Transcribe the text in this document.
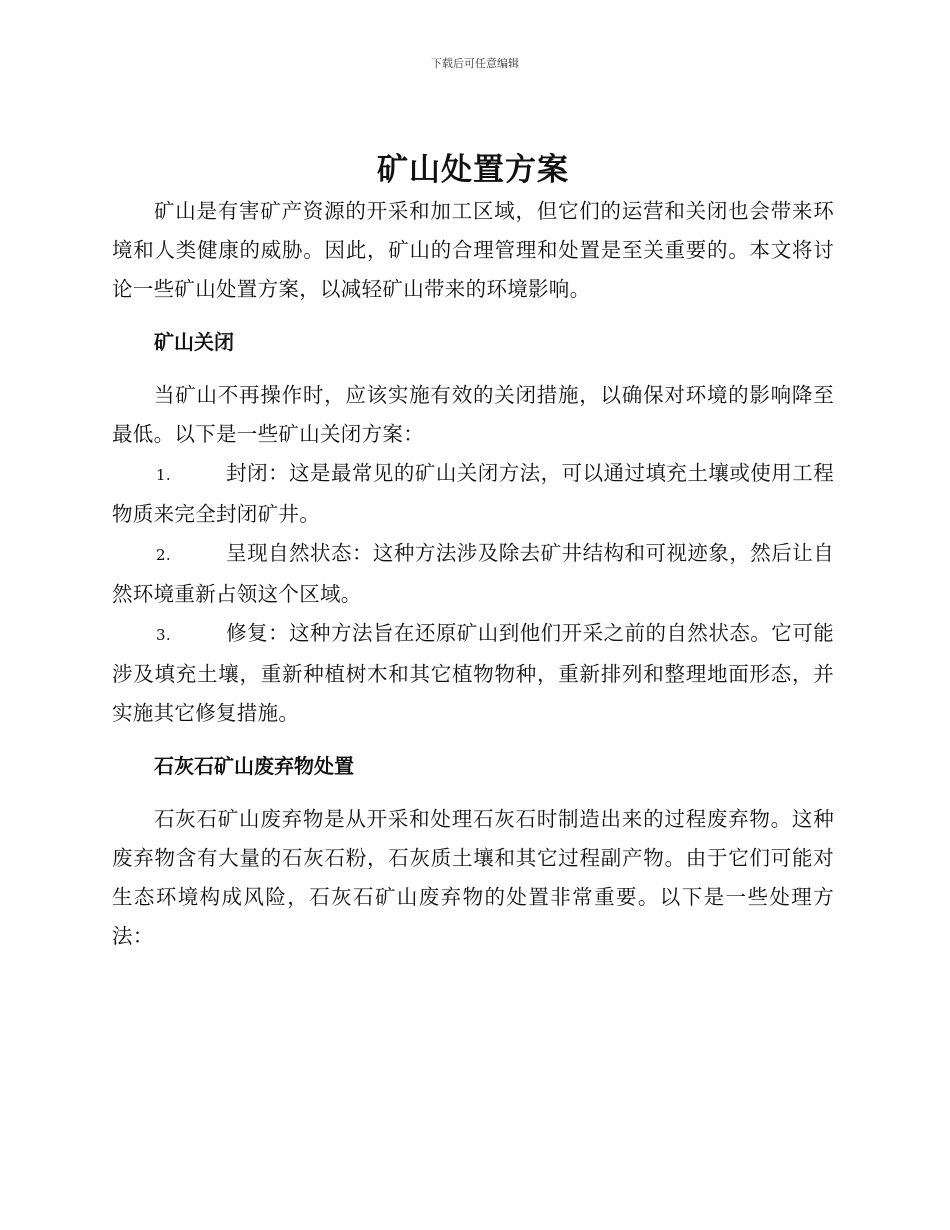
下载后可任意编辑
矿山处置方案

矿山是有害矿产资源的开采和加工区域，但它们的运营和关闭也会带来环境和人类健康的威胁。因此，矿山的合理管理和处置是至关重要的。本文将讨论一些矿山处置方案，以减轻矿山带来的环境影响。

矿山关闭

当矿山不再操作时，应该实施有效的关闭措施，以确保对环境的影响降至最低。以下是一些矿山关闭方案：

1.	封闭：这是最常见的矿山关闭方法，可以通过填充土壤或使用工程物质来完全封闭矿井。

2.	呈现自然状态：这种方法涉及除去矿井结构和可视迹象，然后让自然环境重新占领这个区域。

3.	修复：这种方法旨在还原矿山到他们开采之前的自然状态。它可能涉及填充土壤，重新种植树木和其它植物物种，重新排列和整理地面形态，并实施其它修复措施。

石灰石矿山废弃物处置

石灰石矿山废弃物是从开采和处理石灰石时制造出来的过程废弃物。这种废弃物含有大量的石灰石粉，石灰质土壤和其它过程副产物。由于它们可能对生态环境构成风险，石灰石矿山废弃物的处置非常重要。以下是一些处理方法：
